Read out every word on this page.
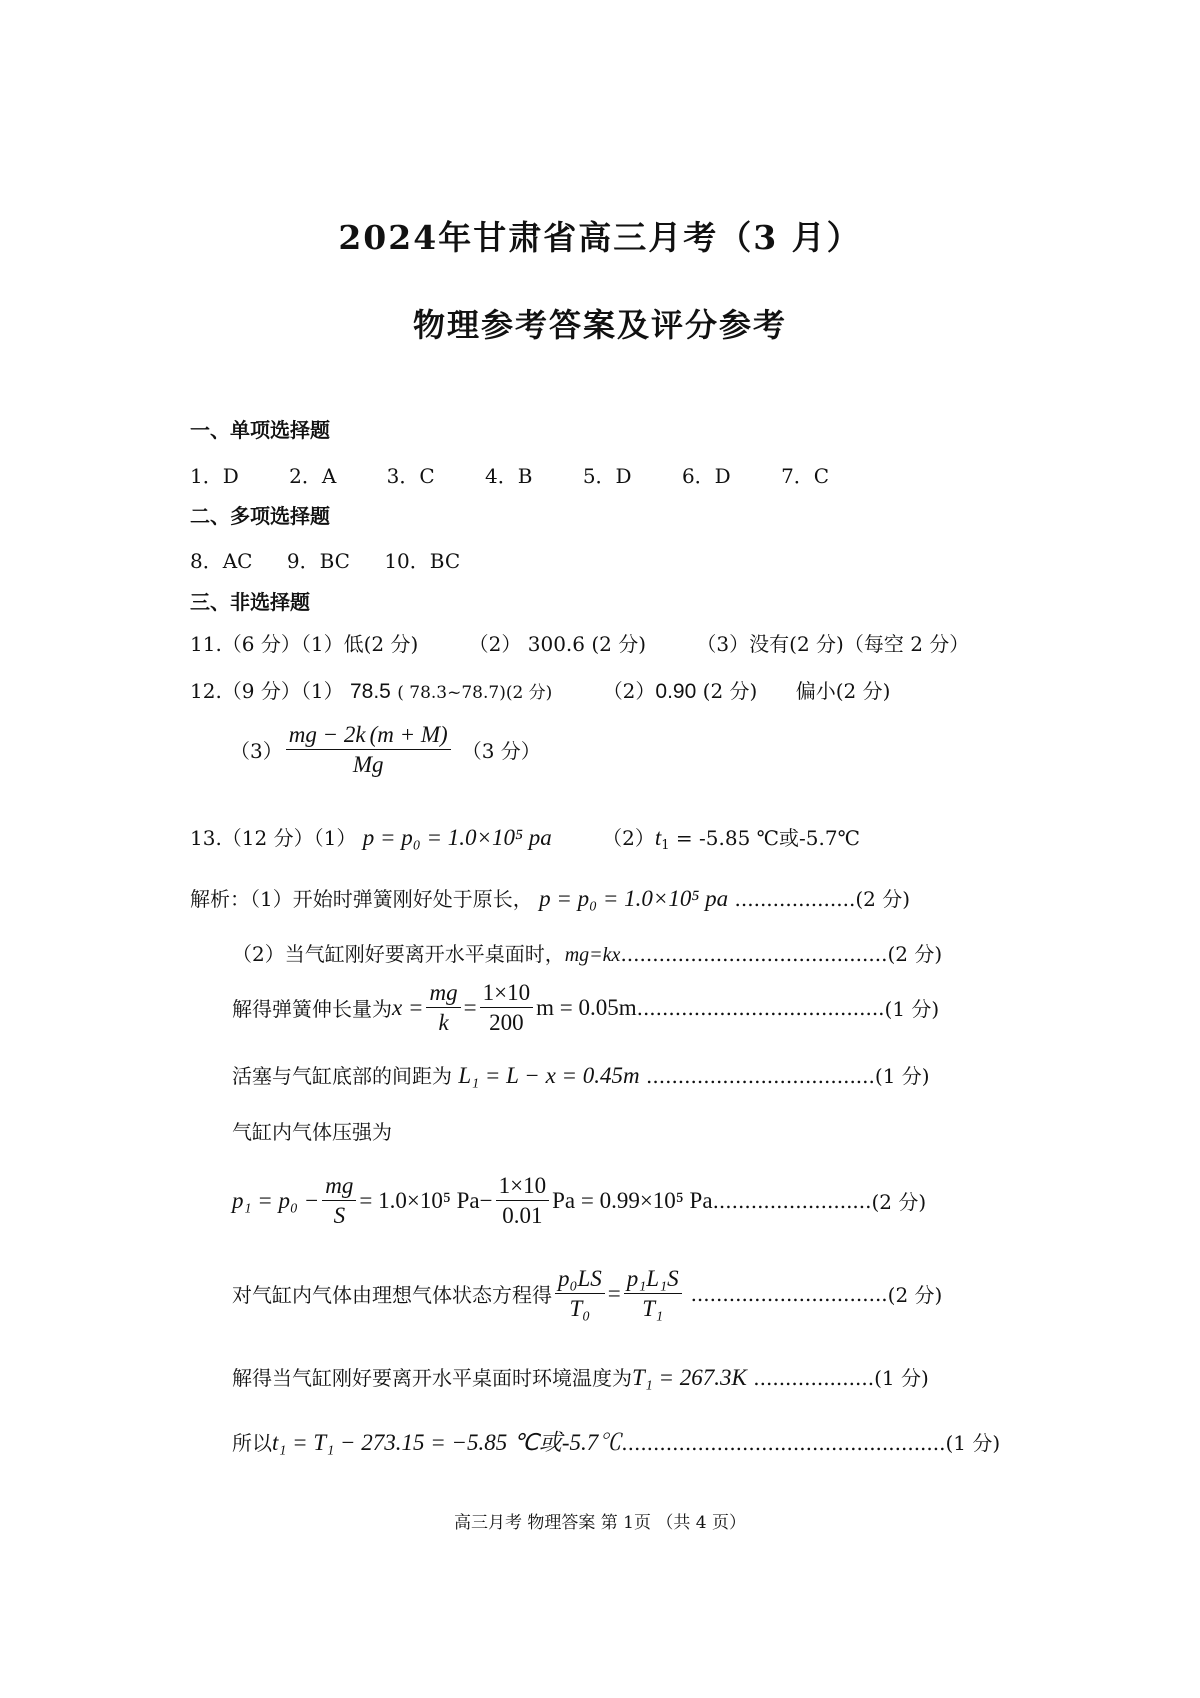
2024年甘肃省高三月考（3 月）
物理参考答案及评分参考
一、单项选择题
1．D	2．A	3．C	4．B	5．D	6．D	7．C
二、多项选择题
8．AC 9．BC 10．BC
三、非选择题
11.（6 分）（1）低(2 分)	（2） 300.6 (2 分)	（3）没有(2 分)（每空 2 分）
12.（9 分）（1） 78.5 ( 78.3~78.7)(2 分)	（2）0.90 (2 分) 偏小(2 分)
$(3) \frac{mg - 2k (m + M)}{Mg} (3$ 分）
13.（12 分）（1） p = p₀ = 1.0×10⁵ pa	$(2)t_1 = -5.85$ ℃或-5.7℃
解析：（1）开始时弹簧刚好处于原长， p = p₀ = 1.0×10⁵ pa ...................(2 分)
（2）当气缸刚好要离开水平桌面时，mg=kx..........................................(2 分)
解得弹簧伸长量为 $x = \frac{mg}{k} = \frac{1\times 10}{200}$ m = 0.05m ....................................... (1 分)
活塞与气缸底部的间距为 L₁ = L − x = 0.45m ....................................(1 分)
气缸内气体压强为
$p_1 = p_0 - \frac{mg}{S} = 1.0\times 10^5$ $Pa- \frac{1\times 10}{0.01}$ Pa = 0.99×10⁵ Pa ......................... (2 分)
对气缸内气体由理想气体状态方程得 $\frac{\text{p₀LS}}{\text{T₀}} = \frac{\text{p₁L₁S}}{\text{T₁}}$ ............................... (2 分)
解得当气缸刚好要离开水平桌面时环境温度为T₁ = 267.3K ...................(1 分)
所以t₁ = T₁ − 273.15 = −5.85 ℃或-5.7℃...................................................(1 分)
高三月考 物理答案 第 1页 （共 4 页）
